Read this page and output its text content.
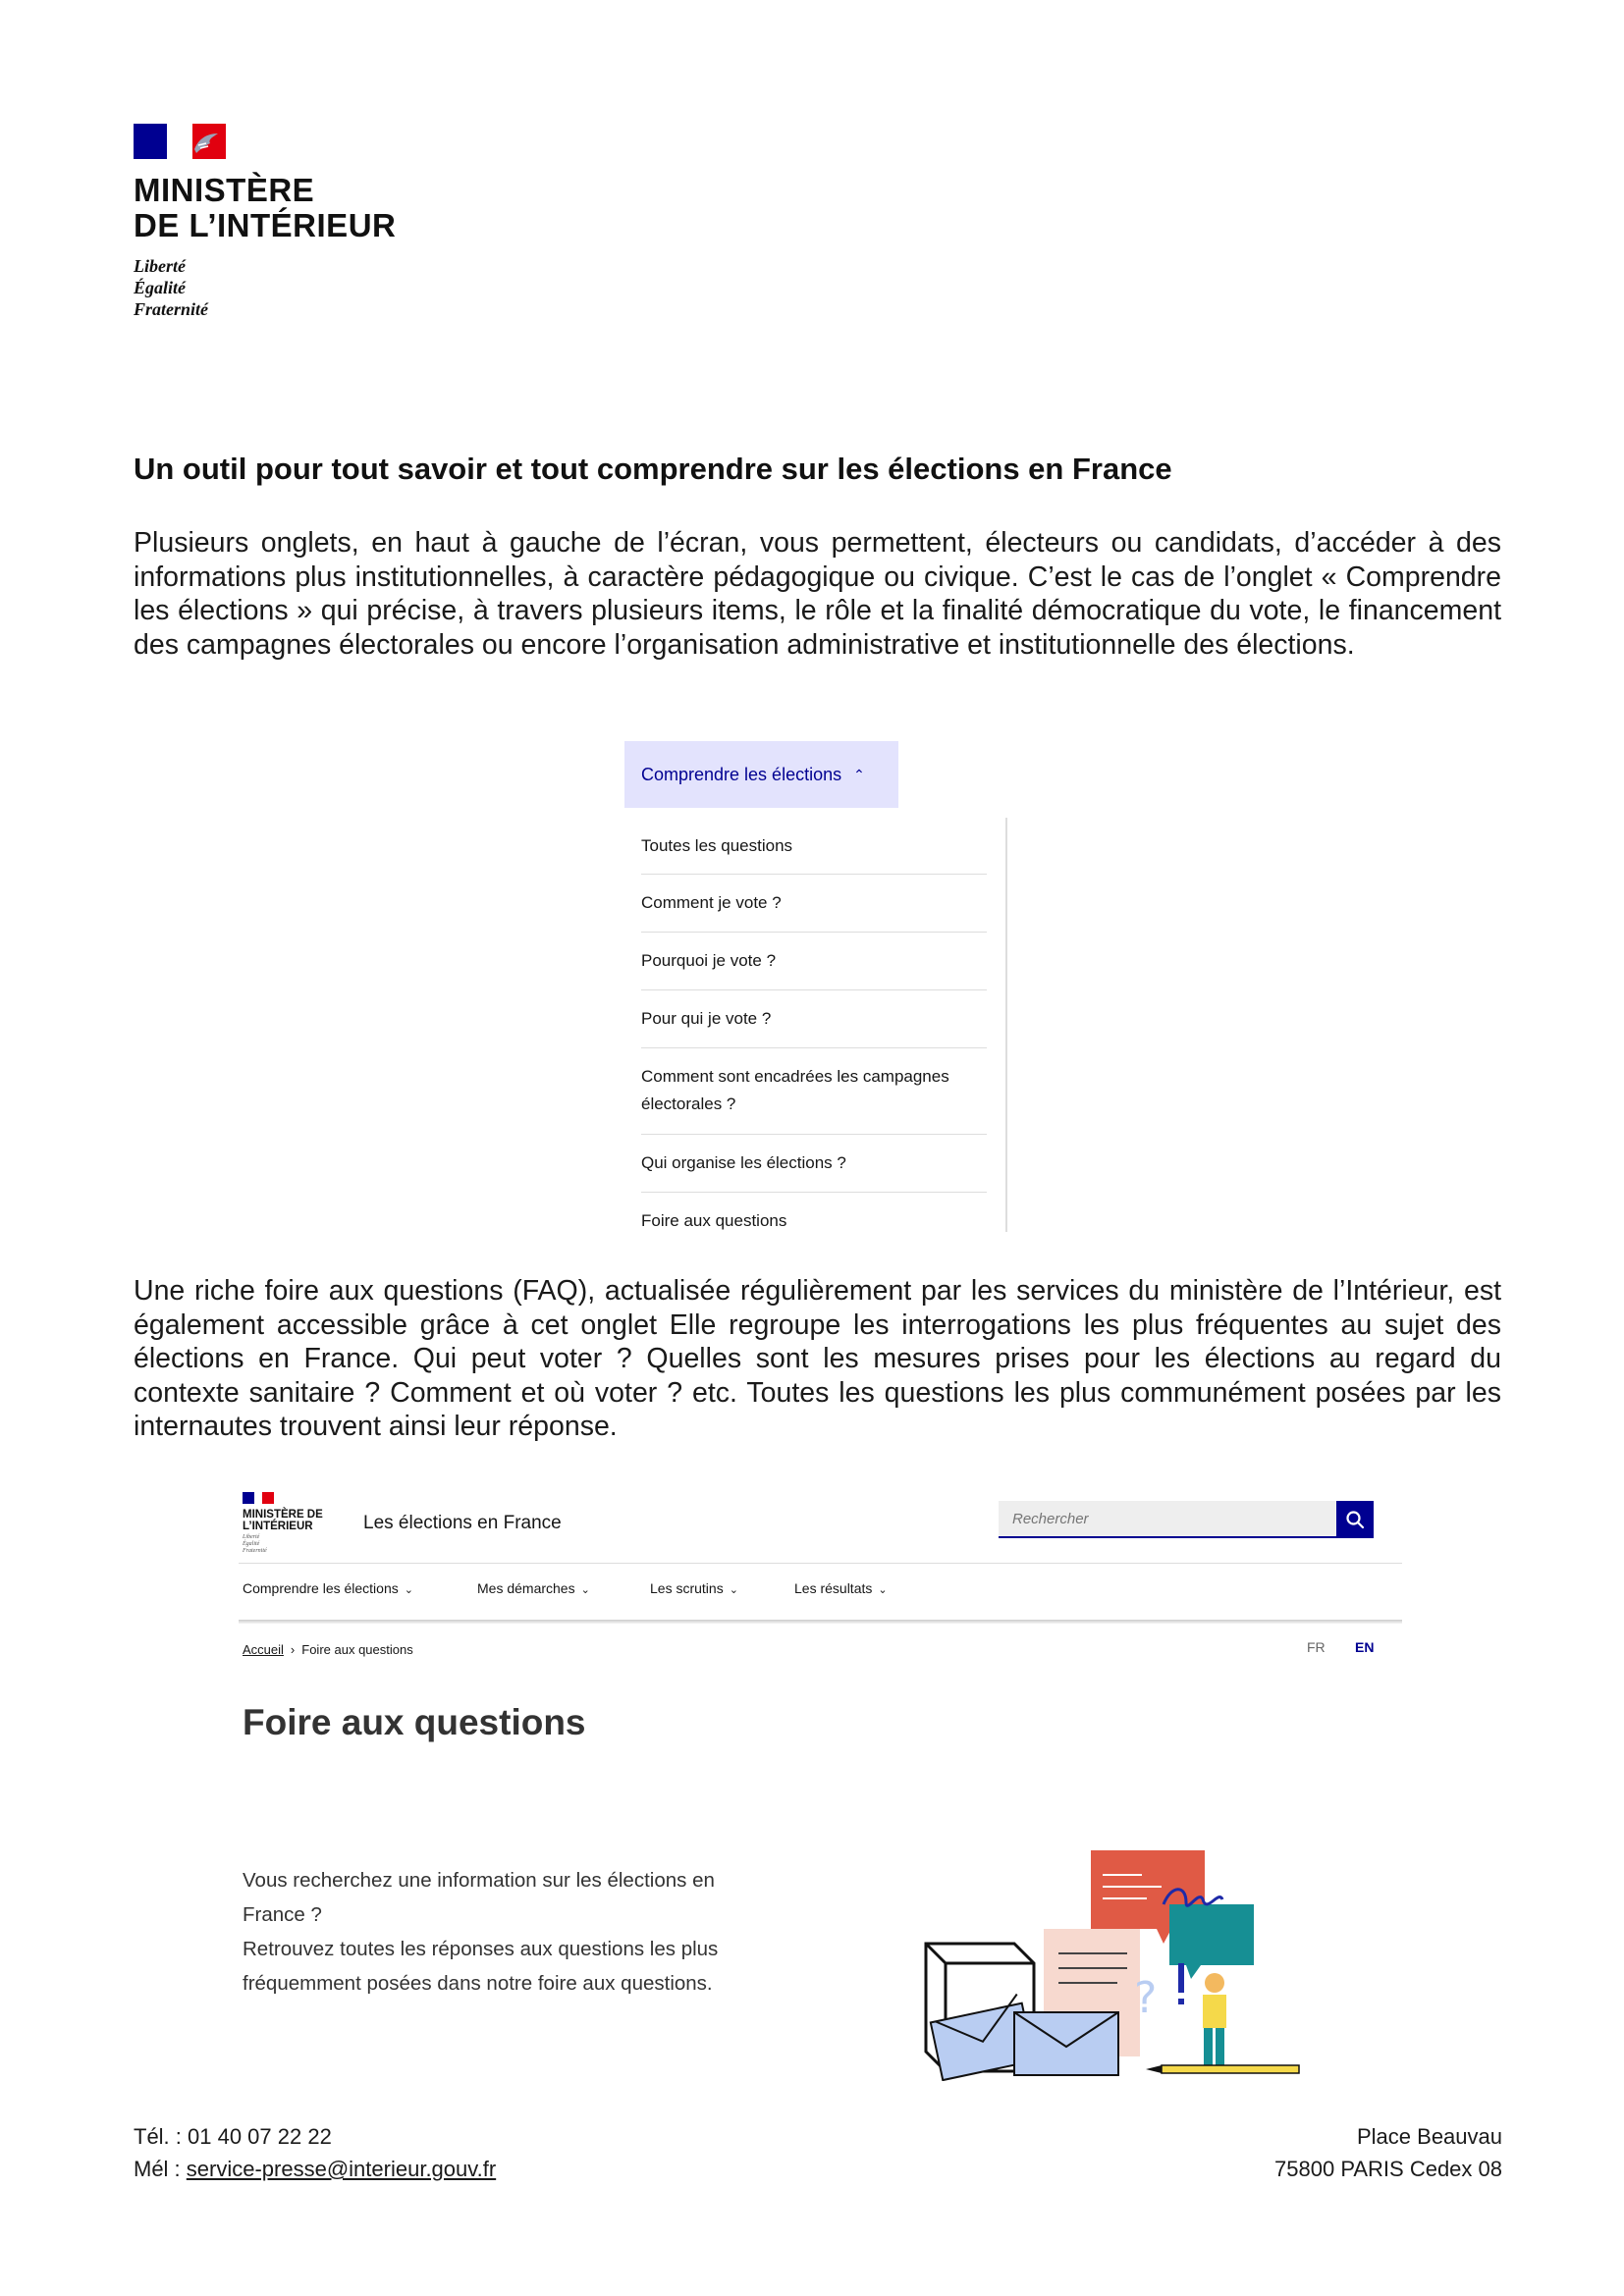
MINISTÈRE
DE L’INTÉRIEUR
Liberté
Égalité
Fraternité
Un outil pour tout savoir et tout comprendre sur les élections en France

Plusieurs onglets, en haut à gauche de l’écran, vous permettent, électeurs ou candidats, d’accéder à des informations plus institutionnelles, à caractère pédagogique ou civique. C’est le cas de l’onglet « Comprendre les élections » qui précise, à travers plusieurs items, le rôle et la finalité démocratique du vote, le financement des campagnes électorales ou encore l’organisation administrative et institutionnelle des élections.

Comprendre les élections ⌃
Toutes les questions
Comment je vote ?
Pourquoi je vote ?
Pour qui je vote ?
Comment sont encadrées les campagnes électorales ?
Qui organise les élections ?
Foire aux questions

Une riche foire aux questions (FAQ), actualisée régulièrement par les services du ministère de l’Intérieur, est également accessible grâce à cet onglet Elle regroupe les interrogations les plus fréquentes au sujet des élections en France. Qui peut voter ? Quelles sont les mesures prises pour les élections au regard du contexte sanitaire ? Comment et où voter ? etc. Toutes les questions les plus communément posées par les internautes trouvent ainsi leur réponse.

MINISTÈRE DE
L’INTÉRIEUR
Liberté
Égalité
Fraternité
Les élections en France
Rechercher
Comprendre les élections ⌄	Mes démarches ⌄	Les scrutins ⌄	Les résultats ⌄
Accueil › Foire aux questions	FR EN
Foire aux questions
Vous recherchez une information sur les élections en
France ?
Retrouvez toutes les réponses aux questions les plus
fréquemment posées dans notre foire aux questions.	?
Tél. : 01 40 07 22 22
Mél : service-presse@interieur.gouv.fr
Place Beauvau
75800 PARIS Cedex 08
